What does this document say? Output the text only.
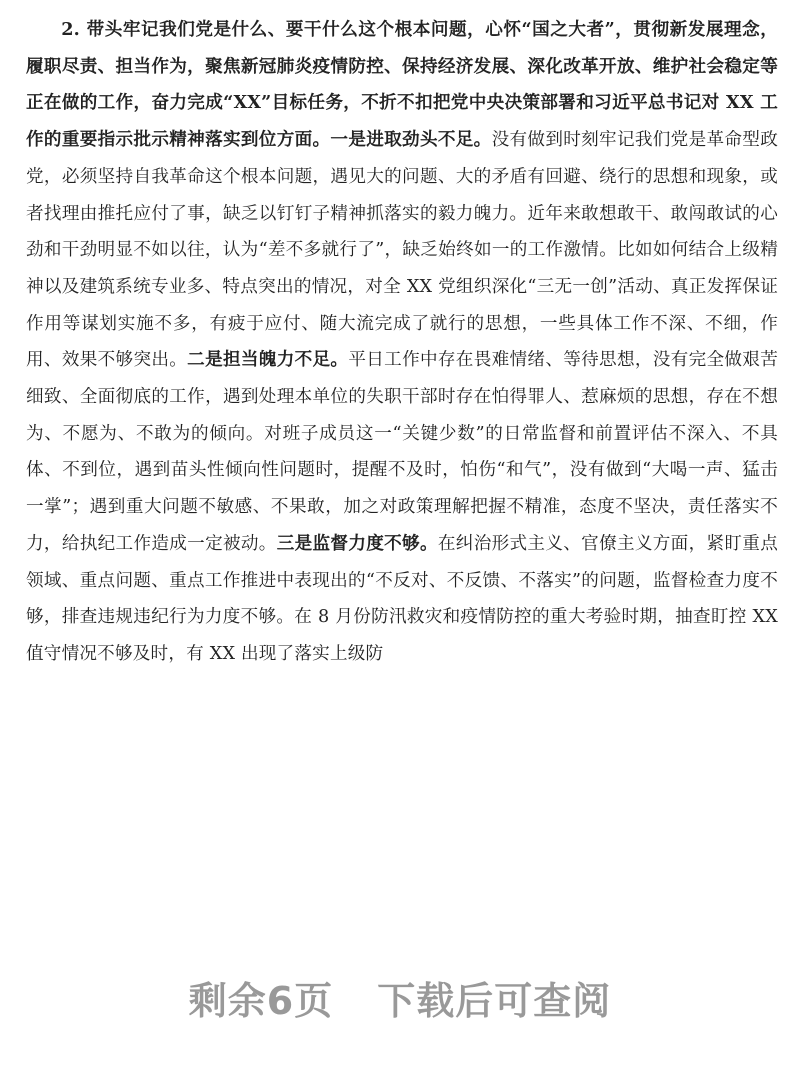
2. 带头牢记我们党是什么、要干什么这个根本问题，心怀“国之大者”，贯彻新发展理念，履职尽责、担当作为，聚焦新冠肺炎疫情防控、保持经济发展、深化改革开放、维护社会稳定等正在做的工作，奋力完成“XX”目标任务，不折不扣把党中央决策部署和习近平总书记对 XX 工作的重要指示批示精神落实到位方面。一是进取劲头不足。没有做到时刻牢记我们党是革命型政党，必须坚持自我革命这个根本问题，遇见大的问题、大的矛盾有回避、绕行的思想和现象，或者找理由推托应付了事，缺乏以钉钉子精神抓落实的毅力魄力。近年来敢想敢干、敢闯敢试的心劲和干劲明显不如以往，认为“差不多就行了”，缺乏始终如一的工作激情。比如如何结合上级精神以及建筑系统专业多、特点突出的情况，对全 XX 党组织深化“三无一创”活动、真正发挥保证作用等谋划实施不多，有疲于应付、随大流完成了就行的思想，一些具体工作不深、不细，作用、效果不够突出。二是担当魄力不足。平日工作中存在畏难情绪、等待思想，没有完全做艰苦细致、全面彻底的工作，遇到处理本单位的失职干部时存在怕得罪人、惹麻烦的思想，存在不想为、不愿为、不敢为的倾向。对班子成员这一“关键少数”的日常监督和前置评估不深入、不具体、不到位，遇到苗头性倾向性问题时，提醒不及时，怕伤“和气”，没有做到“大喝一声、猛击一掌”；遇到重大问题不敏感、不果敢，加之对政策理解把握不精准，态度不坚决，责任落实不力，给执纪工作造成一定被动。三是监督力度不够。在纠治形式主义、官僚主义方面，紧盯重点领域、重点问题、重点工作推进中表现出的“不反对、不反馈、不落实”的问题，监督检查力度不够，排查违规违纪行为力度不够。在 8 月份防汛救灾和疫情防控的重大考验时期，抽查盯控 XX 值守情况不够及时，有 XX 出现了落实上级防

剩余6页 下载后可查阅
